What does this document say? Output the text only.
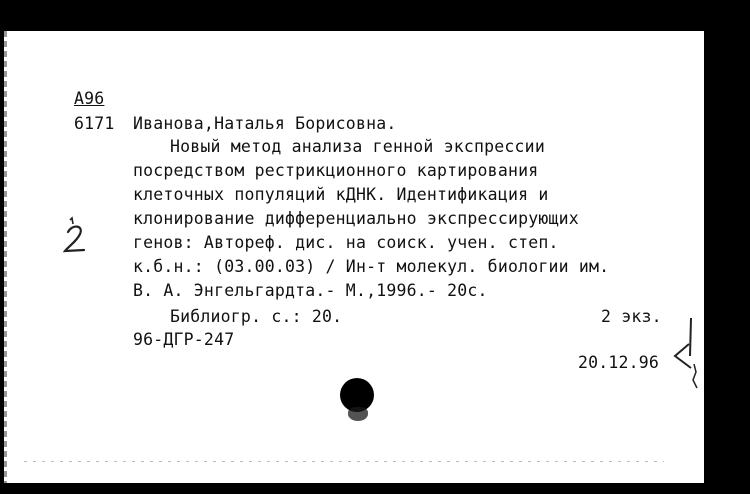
А96
6171 Иванова,Наталья Борисовна.
Новый метод анализа генной экспрессии
посредством рестрикционного картирования
клеточных популяций кДНК. Идентификация и
клонирование дифференциально экспрессирующих
генов: Автореф. дис. на соиск. учен. степ.
к.б.н.: (03.00.03) / Ин-т молекул. биологии им.
В. А. Энгельгардта.- М.,1996.- 20с.
Библиогр. с.: 20.	2 экз.
96-ДГР-247
20.12.96
